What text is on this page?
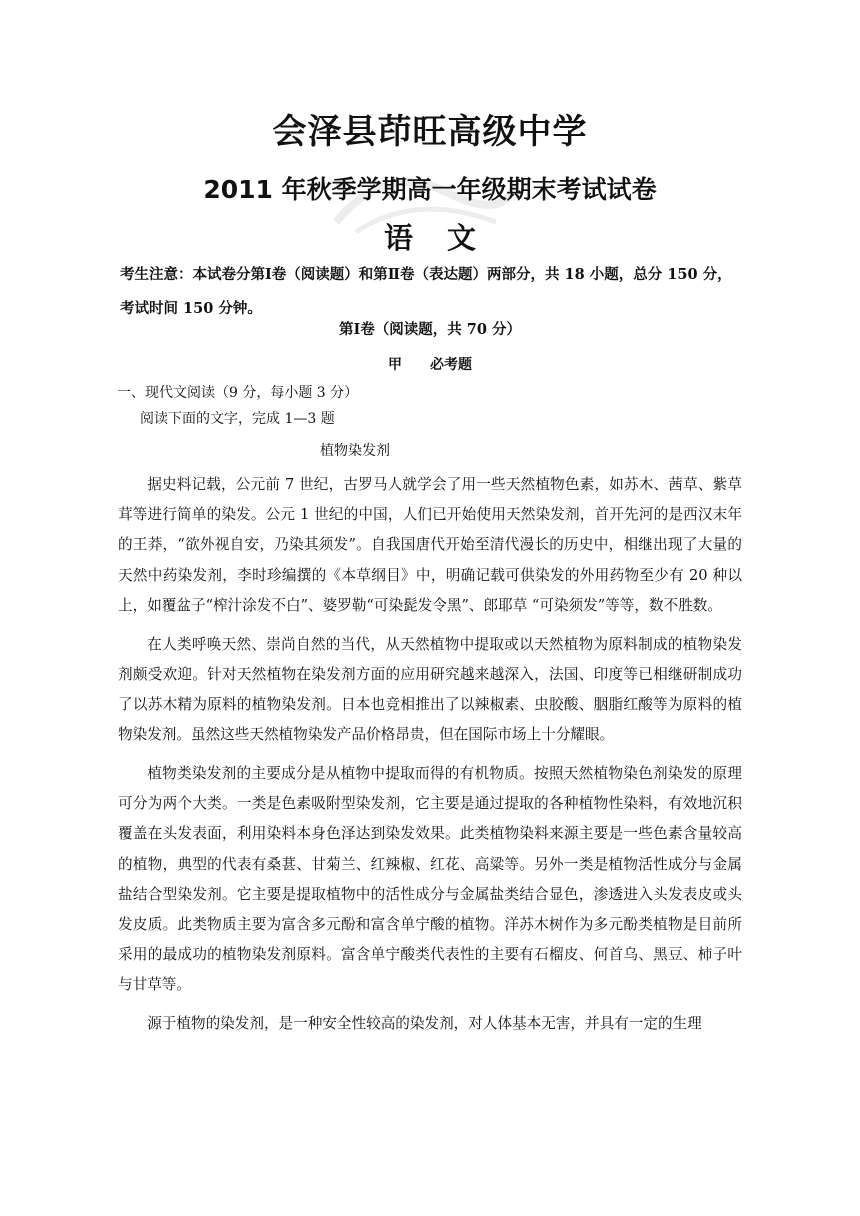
会泽县茚旺高级中学
2011 年秋季学期高一年级期末考试试卷
语 文
考生注意：本试卷分第Ⅰ卷（阅读题）和第Ⅱ卷（表达题）两部分，共 18 小题，总分 150 分，考试时间 150 分钟。
第Ⅰ卷（阅读题，共 70 分）
甲 必考题
一、现代文阅读（9 分，每小题 3 分）
阅读下面的文字，完成 1—3 题
植物染发剂

据史料记载，公元前 7 世纪，古罗马人就学会了用一些天然植物色素，如苏木、茜草、紫草茸等进行简单的染发。公元 1 世纪的中国，人们已开始使用天然染发剂，首开先河的是西汉末年的王莽，“欲外视自安，乃染其须发”。自我国唐代开始至清代漫长的历史中，相继出现了大量的天然中药染发剂，李时珍编撰的《本草纲目》中，明确记载可供染发的外用药物至少有 20 种以上，如覆盆子“榨汁涂发不白”、婆罗勒“可染髭发令黑”、郎耶草 “可染须发”等等，数不胜数。

在人类呼唤天然、崇尚自然的当代，从天然植物中提取或以天然植物为原料制成的植物染发剂颇受欢迎。针对天然植物在染发剂方面的应用研究越来越深入，法国、印度等已相继研制成功了以苏木精为原料的植物染发剂。日本也竞相推出了以辣椒素、虫胶酸、胭脂红酸等为原料的植物染发剂。虽然这些天然植物染发产品价格昂贵，但在国际市场上十分耀眼。

植物类染发剂的主要成分是从植物中提取而得的有机物质。按照天然植物染色剂染发的原理可分为两个大类。一类是色素吸附型染发剂，它主要是通过提取的各种植物性染料，有效地沉积覆盖在头发表面，利用染料本身色泽达到染发效果。此类植物染料来源主要是一些色素含量较高的植物，典型的代表有桑葚、甘菊兰、红辣椒、红花、高粱等。另外一类是植物活性成分与金属盐结合型染发剂。它主要是提取植物中的活性成分与金属盐类结合显色，渗透进入头发表皮或头发皮质。此类物质主要为富含多元酚和富含单宁酸的植物。洋苏木树作为多元酚类植物是目前所采用的最成功的植物染发剂原料。富含单宁酸类代表性的主要有石榴皮、何首乌、黑豆、柿子叶与甘草等。

源于植物的染发剂，是一种安全性较高的染发剂，对人体基本无害，并具有一定的生理
